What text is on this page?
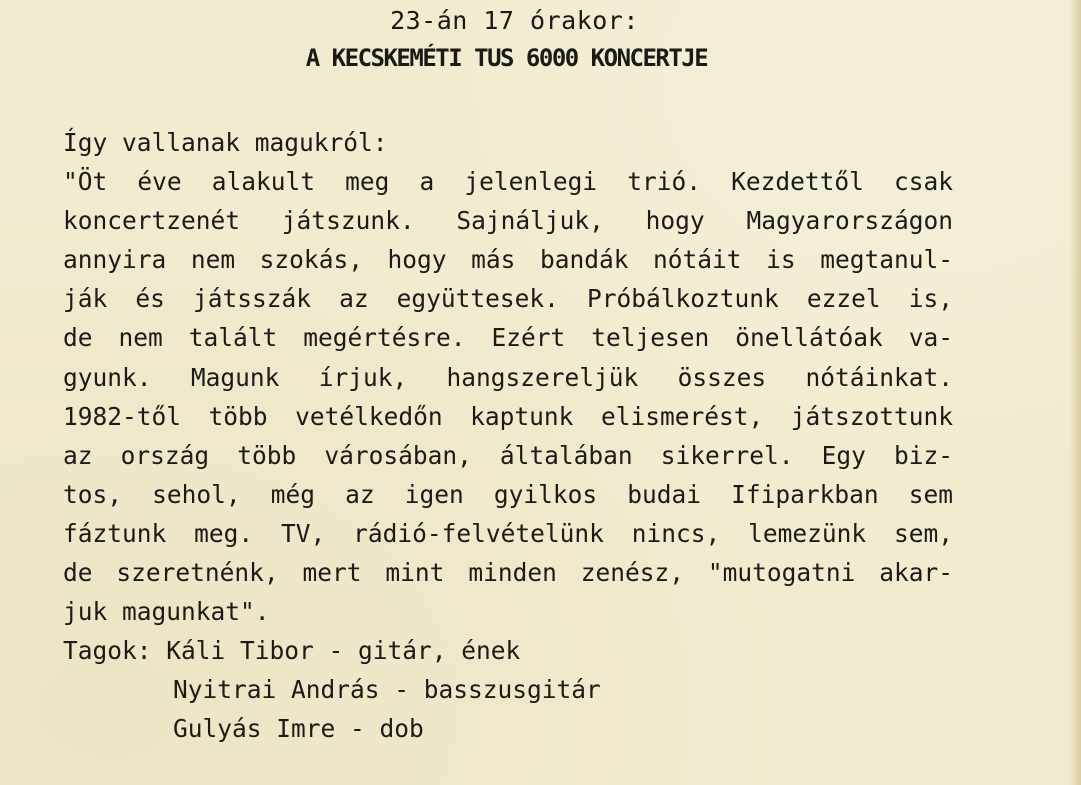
23-án 17 órakor:
A KECSKEMÉTI TUS 6000 KONCERTJE
Így vallanak magukról:
"Öt éve alakult meg a jelenlegi trió. Kezdettől csak
koncertzenét játszunk. Sajnáljuk, hogy Magyarországon
annyira nem szokás, hogy más bandák nótáit is megtanul-
ják és játsszák az együttesek. Próbálkoztunk ezzel is,
de nem talált megértésre. Ezért teljesen önellátóak va-
gyunk. Magunk írjuk, hangszereljük összes nótáinkat.
1982-től több vetélkedőn kaptunk elismerést, játszottunk
az ország több városában, általában sikerrel. Egy biz-
tos, sehol, még az igen gyilkos budai Ifiparkban sem
fáztunk meg. TV, rádió-felvételünk nincs, lemezünk sem,
de szeretnénk, mert mint minden zenész, "mutogatni akar-
juk magunkat".
Tagok: Káli Tibor - gitár, ének
Nyitrai András - basszusgitár
Gulyás Imre - dob
